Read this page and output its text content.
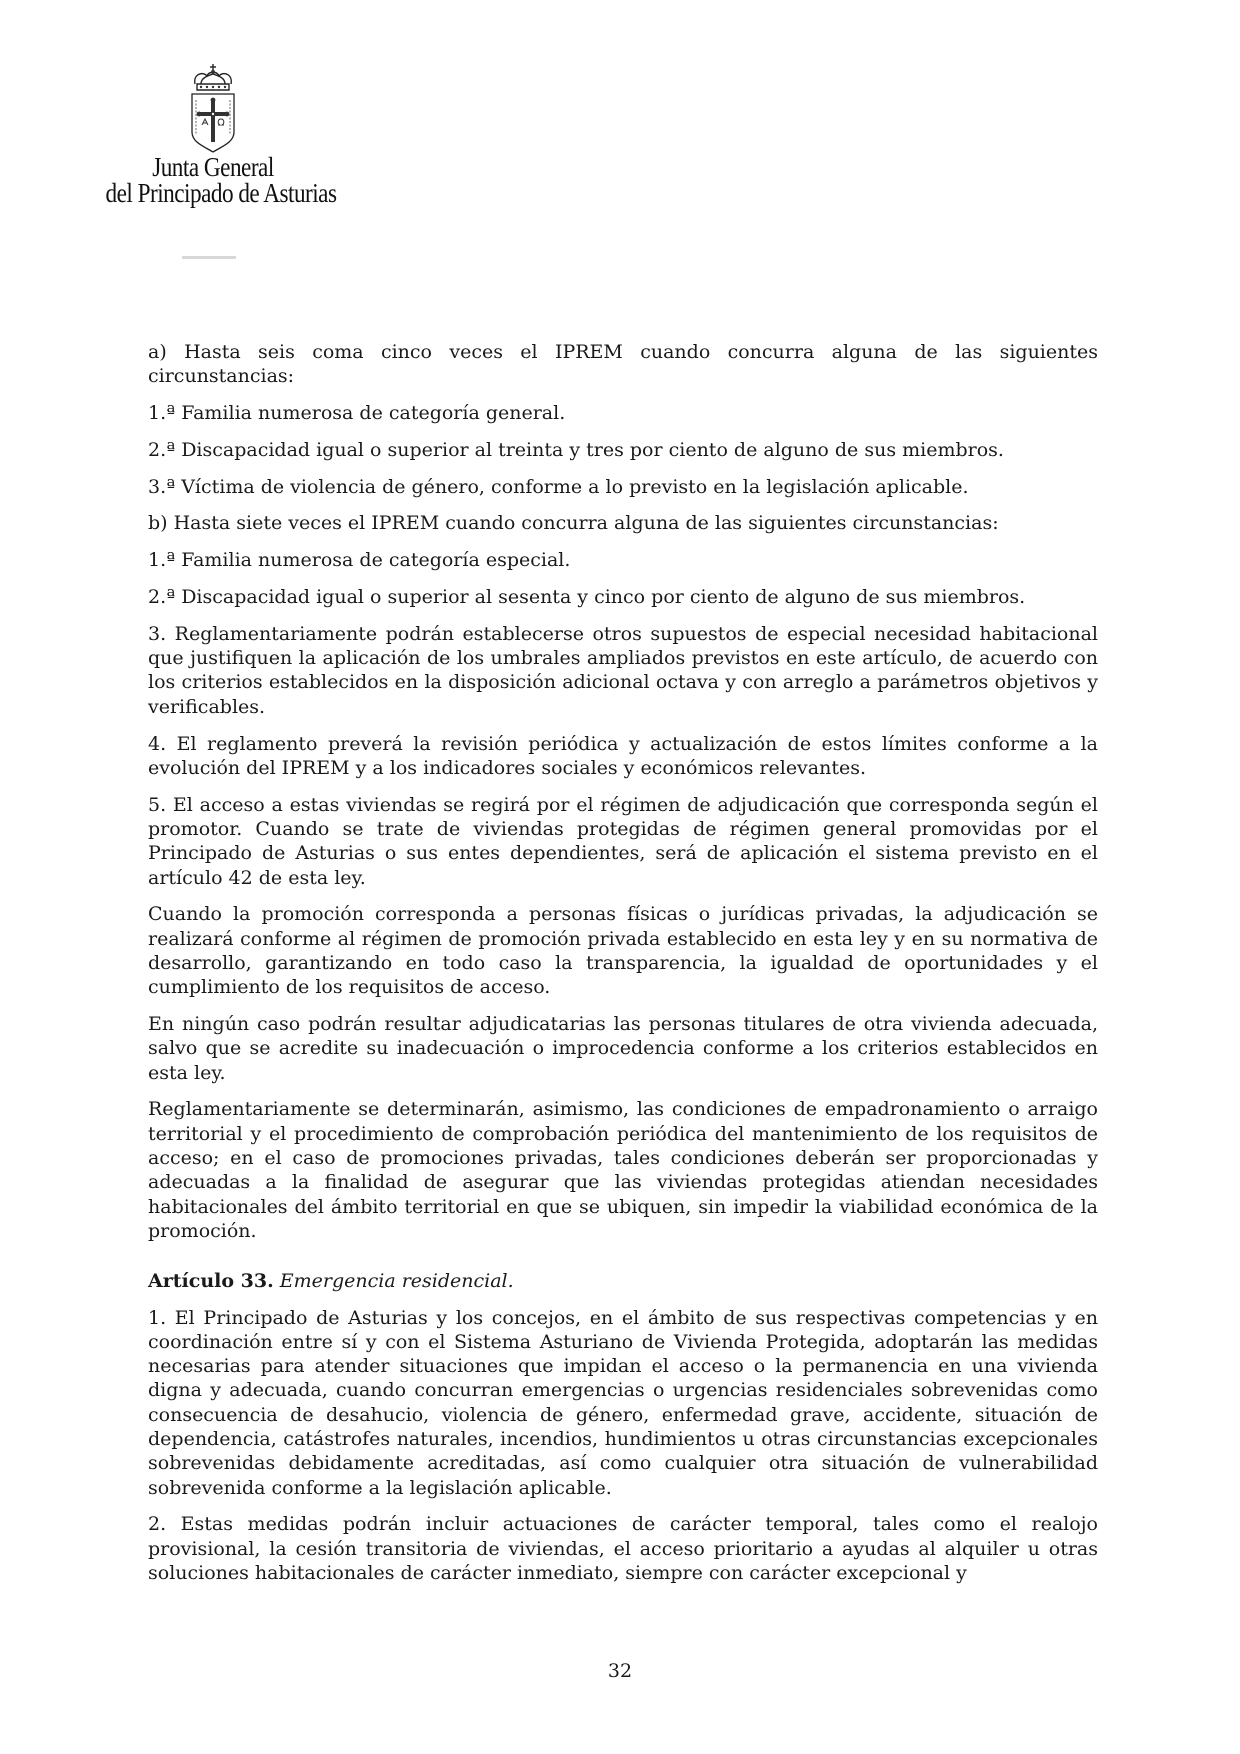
Junta General
del Principado de Asturias

a) Hasta seis coma cinco veces el IPREM cuando concurra alguna de las siguientes circunstancias:

1.ª Familia numerosa de categoría general.

2.ª Discapacidad igual o superior al treinta y tres por ciento de alguno de sus miembros.

3.ª Víctima de violencia de género, conforme a lo previsto en la legislación aplicable.

b) Hasta siete veces el IPREM cuando concurra alguna de las siguientes circunstancias:

1.ª Familia numerosa de categoría especial.

2.ª Discapacidad igual o superior al sesenta y cinco por ciento de alguno de sus miembros.

3. Reglamentariamente podrán establecerse otros supuestos de especial necesidad habitacional que justifiquen la aplicación de los umbrales ampliados previstos en este artículo, de acuerdo con los criterios establecidos en la disposición adicional octava y con arreglo a parámetros objetivos y verificables.

4. El reglamento preverá la revisión periódica y actualización de estos límites conforme a la evolución del IPREM y a los indicadores sociales y económicos relevantes.

5. El acceso a estas viviendas se regirá por el régimen de adjudicación que corresponda según el promotor. Cuando se trate de viviendas protegidas de régimen general promovidas por el Principado de Asturias o sus entes dependientes, será de aplicación el sistema previsto en el artículo 42 de esta ley.

Cuando la promoción corresponda a personas físicas o jurídicas privadas, la adjudicación se realizará conforme al régimen de promoción privada establecido en esta ley y en su normativa de desarrollo, garantizando en todo caso la transparencia, la igualdad de oportunidades y el cumplimiento de los requisitos de acceso.

En ningún caso podrán resultar adjudicatarias las personas titulares de otra vivienda adecuada, salvo que se acredite su inadecuación o improcedencia conforme a los criterios establecidos en esta ley.

Reglamentariamente se determinarán, asimismo, las condiciones de empadronamiento o arraigo territorial y el procedimiento de comprobación periódica del mantenimiento de los requisitos de acceso; en el caso de promociones privadas, tales condiciones deberán ser proporcionadas y adecuadas a la finalidad de asegurar que las viviendas protegidas atiendan necesidades habitacionales del ámbito territorial en que se ubiquen, sin impedir la viabilidad económica de la promoción.

Artículo 33. Emergencia residencial.

1. El Principado de Asturias y los concejos, en el ámbito de sus respectivas competencias y en coordinación entre sí y con el Sistema Asturiano de Vivienda Protegida, adoptarán las medidas necesarias para atender situaciones que impidan el acceso o la permanencia en una vivienda digna y adecuada, cuando concurran emergencias o urgencias residenciales sobrevenidas como consecuencia de desahucio, violencia de género, enfermedad grave, accidente, situación de dependencia, catástrofes naturales, incendios, hundimientos u otras circunstancias excepcionales sobrevenidas debidamente acreditadas, así como cualquier otra situación de vulnerabilidad sobrevenida conforme a la legislación aplicable.

2. Estas medidas podrán incluir actuaciones de carácter temporal, tales como el realojo provisional, la cesión transitoria de viviendas, el acceso prioritario a ayudas al alquiler u otras soluciones habitacionales de carácter inmediato, siempre con carácter excepcional y

32
